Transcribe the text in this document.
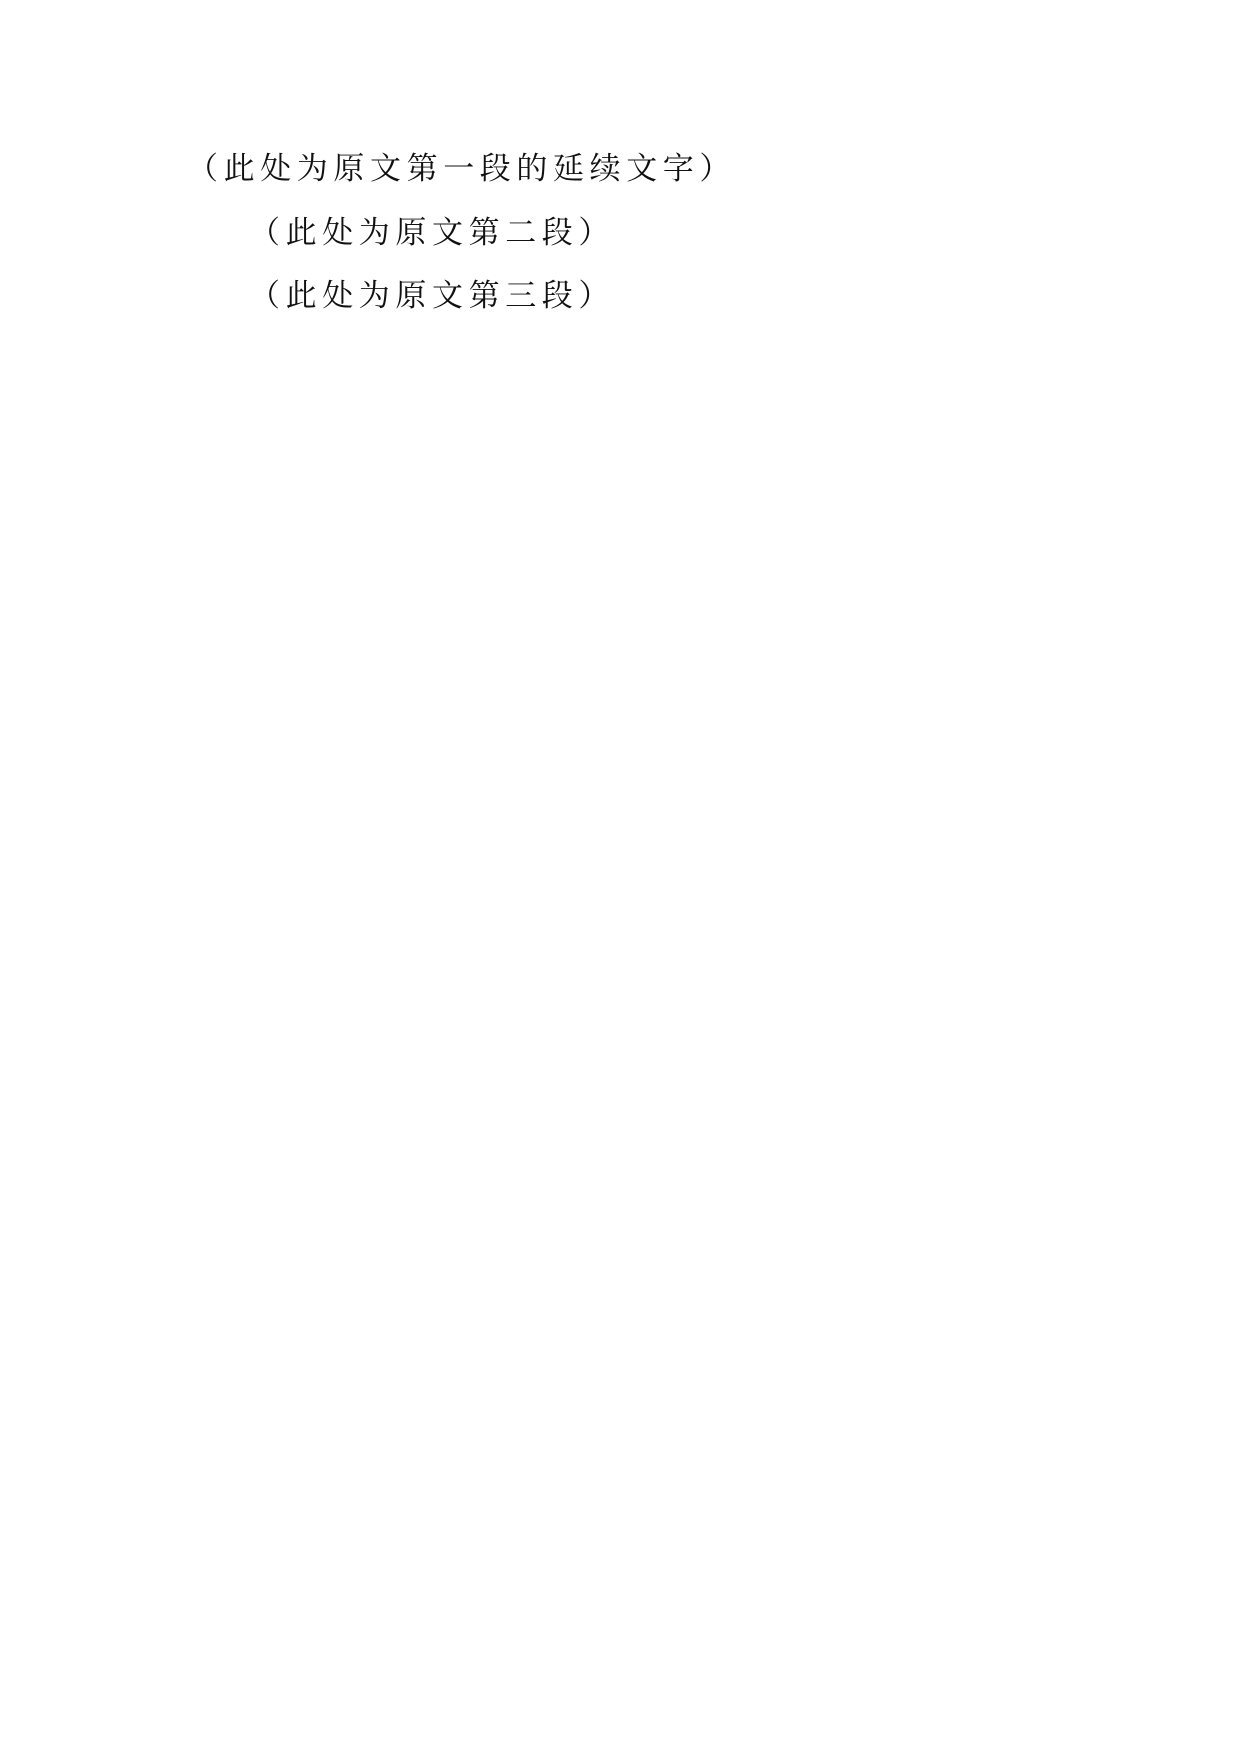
（此处为原文第一段的延续文字）

（此处为原文第二段）

（此处为原文第三段）
